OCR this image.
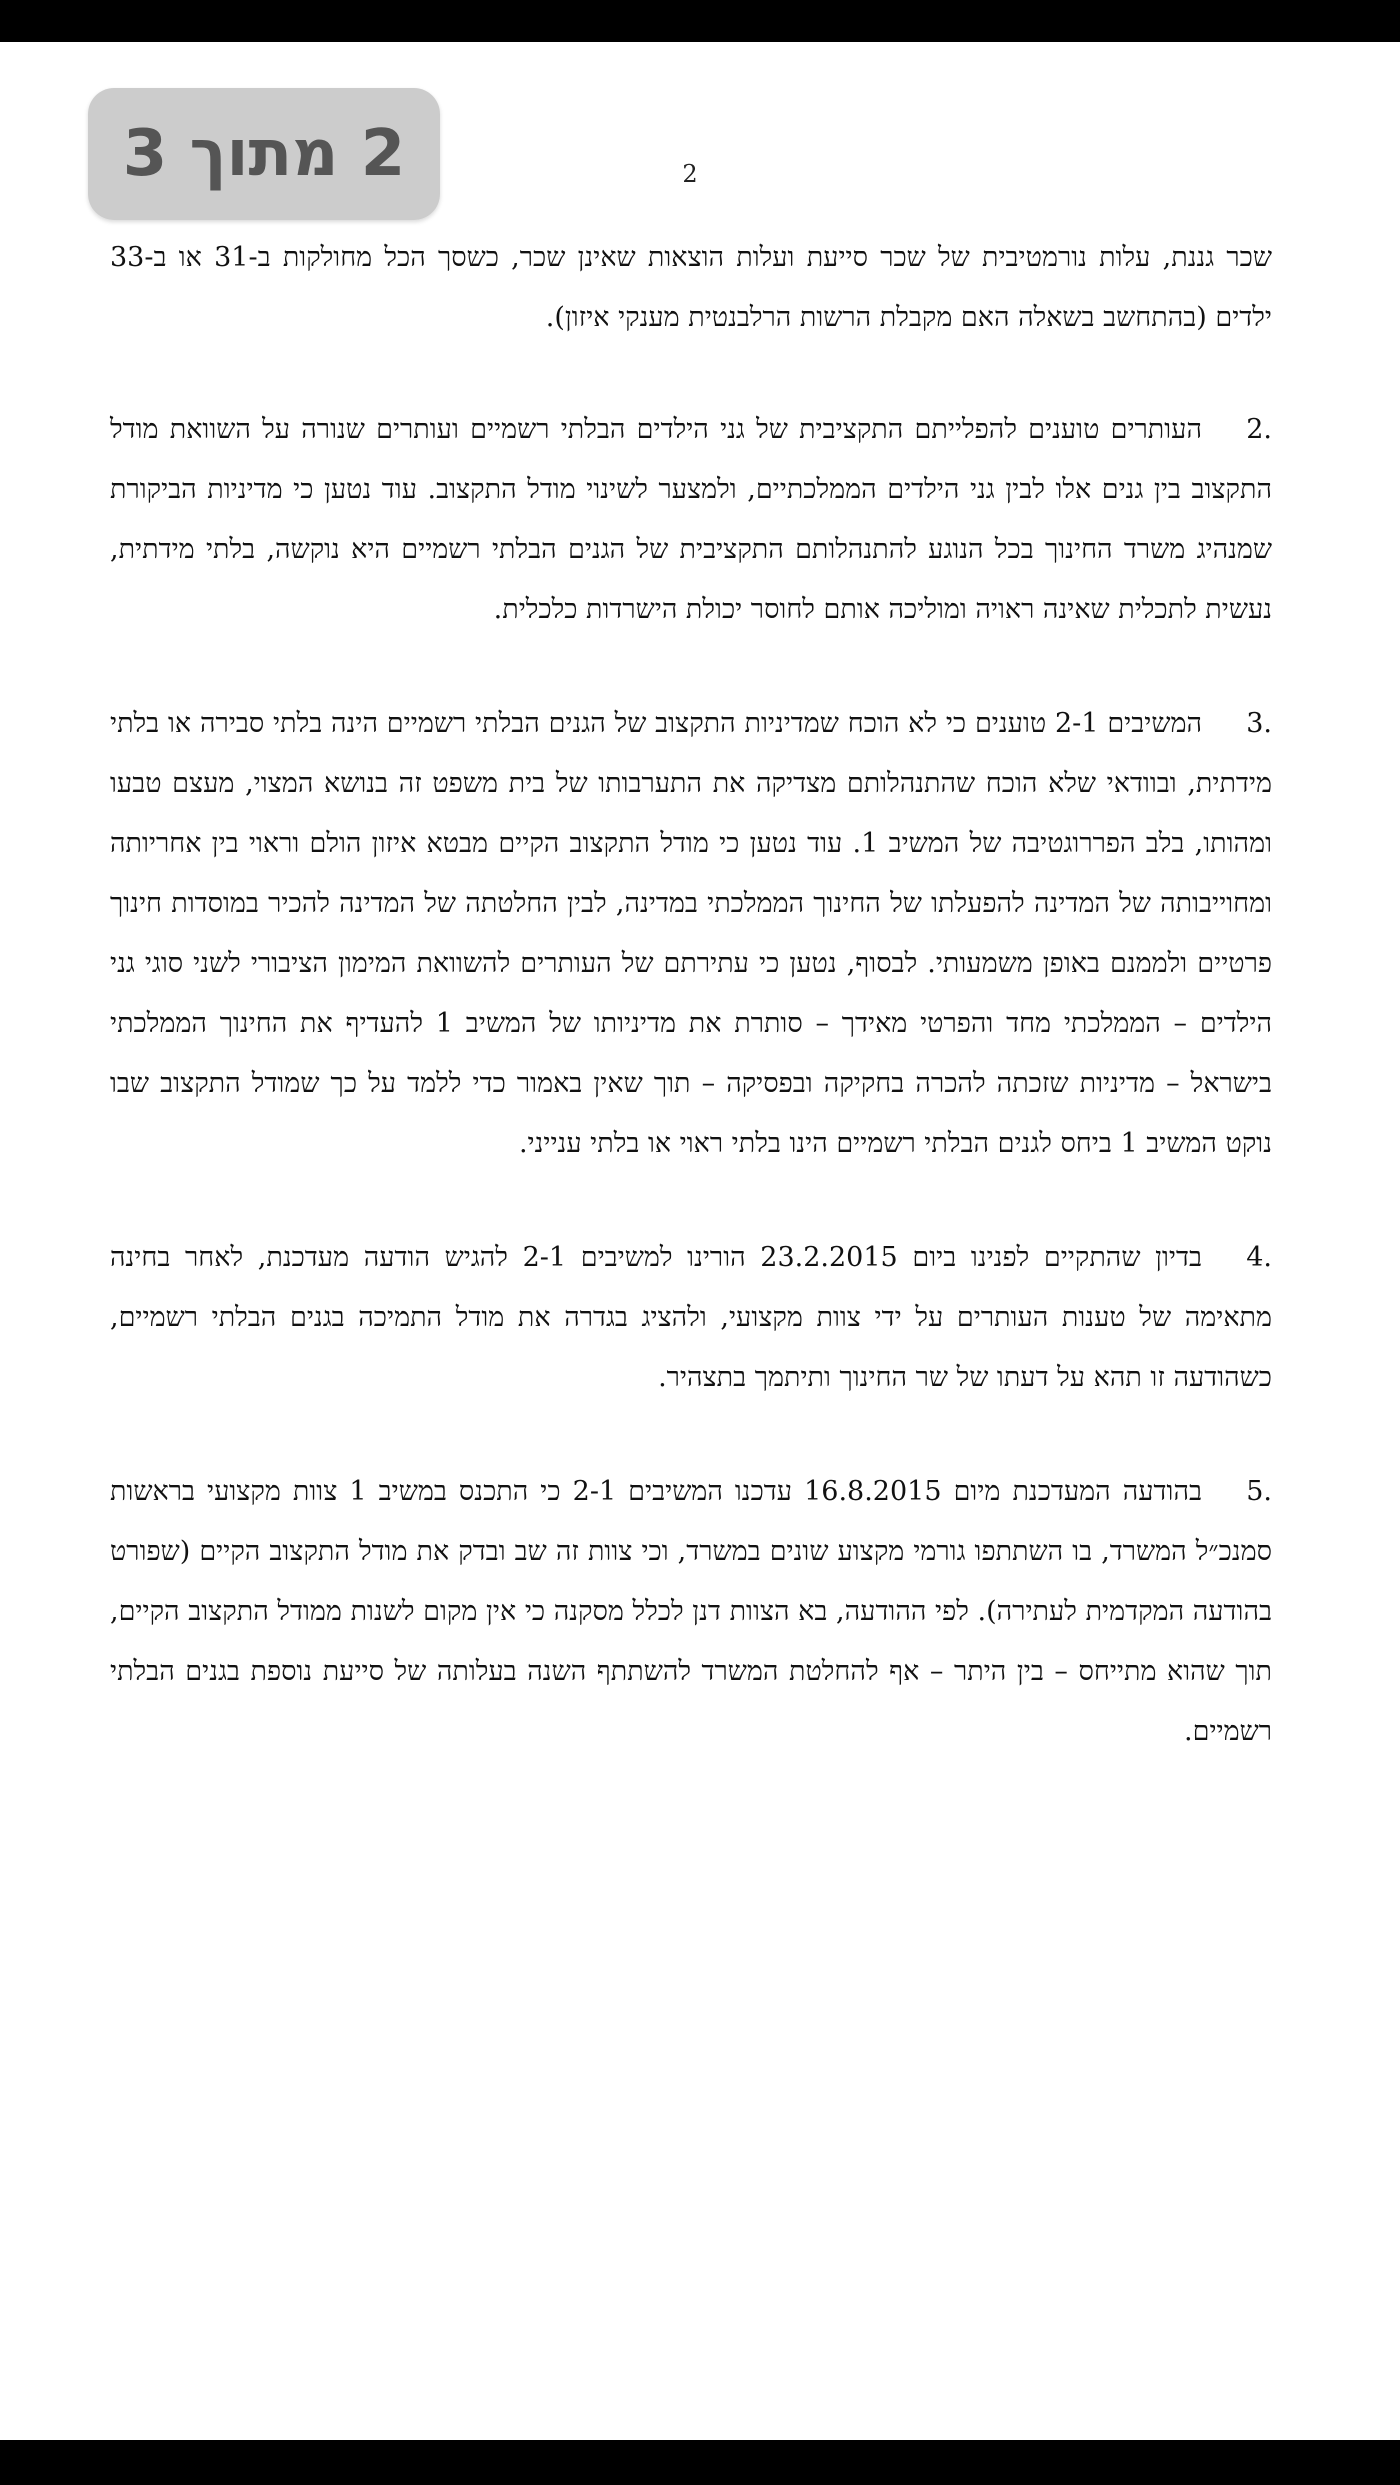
2

שכר גננת, עלות נורמטיבית של שכר סייעת ועלות הוצאות שאינן שכר, כשסך הכל מחולקות ב-31 או ב-33 ילדים (בהתחשב בשאלה האם מקבלת הרשות הרלבנטית מענקי איזון).

.2
העותרים טוענים להפלייתם התקציבית של גני הילדים הבלתי רשמיים ועותרים שנורה על השוואת מודל התקצוב בין גנים אלו לבין גני הילדים הממלכתיים, ולמצער לשינוי מודל התקצוב. עוד נטען כי מדיניות הביקורת שמנהיג משרד החינוך בכל הנוגע להתנהלותם התקציבית של הגנים הבלתי רשמיים היא נוקשה, בלתי מידתית, נעשית לתכלית שאינה ראויה ומוליכה אותם לחוסר יכולת הישרדות כלכלית.

.3
המשיבים 2-1 טוענים כי לא הוכח שמדיניות התקצוב של הגנים הבלתי רשמיים הינה בלתי סבירה או בלתי מידתית, ובוודאי שלא הוכח שהתנהלותם מצדיקה את התערבותו של בית משפט זה בנושא המצוי, מעצם טבעו ומהותו, בלב הפררוגטיבה של המשיב 1. עוד נטען כי מודל התקצוב הקיים מבטא איזון הולם וראוי בין אחריותה ומחוייבותה של המדינה להפעלתו של החינוך הממלכתי במדינה, לבין החלטתה של המדינה להכיר במוסדות חינוך פרטיים ולממנם באופן משמעותי. לבסוף, נטען כי עתירתם של העותרים להשוואת המימון הציבורי לשני סוגי גני הילדים – הממלכתי מחד והפרטי מאידך – סותרת את מדיניותו של המשיב 1 להעדיף את החינוך הממלכתי בישראל – מדיניות שזכתה להכרה בחקיקה ובפסיקה – תוך שאין באמור כדי ללמד על כך שמודל התקצוב שבו נוקט המשיב 1 ביחס לגנים הבלתי רשמיים הינו בלתי ראוי או בלתי ענייני.

.4
בדיון שהתקיים לפנינו ביום 23.2.2015 הורינו למשיבים 2-1 להגיש הודעה מעדכנת, לאחר בחינה מתאימה של טענות העותרים על ידי צוות מקצועי, ולהציג בגדרה את מודל התמיכה בגנים הבלתי רשמיים, כשהודעה זו תהא על דעתו של שר החינוך ותיתמך בתצהיר.

.5
בהודעה המעדכנת מיום 16.8.2015 עדכנו המשיבים 2-1 כי התכנס במשיב 1 צוות מקצועי בראשות סמנכ״ל המשרד, בו השתתפו גורמי מקצוע שונים במשרד, וכי צוות זה שב ובדק את מודל התקצוב הקיים (שפורט בהודעה המקדמית לעתירה). לפי ההודעה, בא הצוות דנן לכלל מסקנה כי אין מקום לשנות ממודל התקצוב הקיים, תוך שהוא מתייחס – בין היתר – אף להחלטת המשרד להשתתף השנה בעלותה של סייעת נוספת בגנים הבלתי רשמיים.

2 מתוך 3
